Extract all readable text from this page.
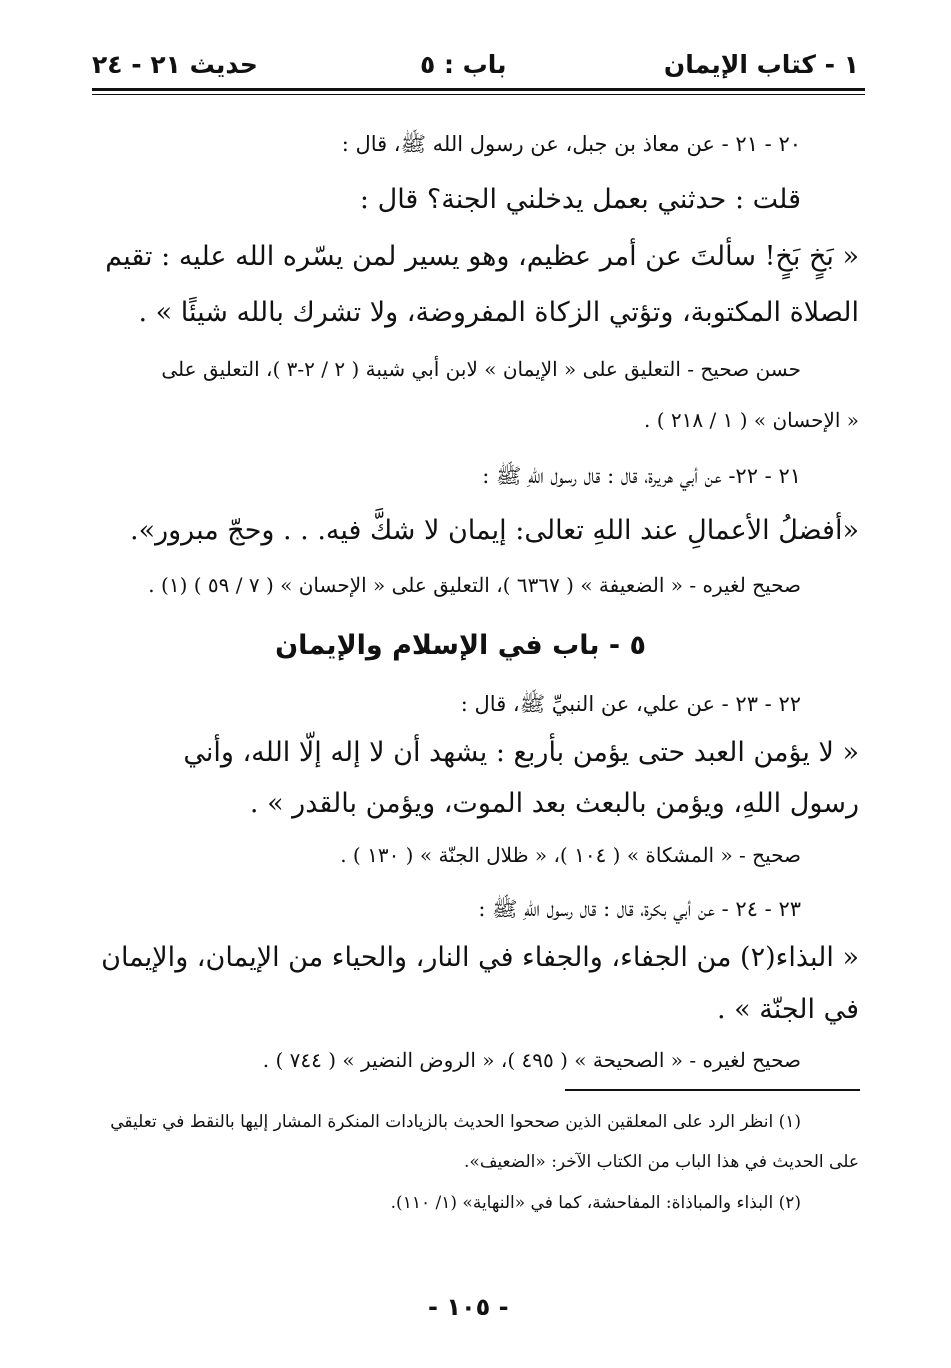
١ - كتاب الإيمان
باب : ٥
حديث ٢١ - ٢٤
٢٠ - ٢١ - عن معاذ بن جبل، عن رسول الله ﷺ، قال :
قلت : حدثني بعمل يدخلني الجنة؟ قال :
« بَخٍ بَخٍ! سألتَ عن أمر عظيم، وهو يسير لمن يسّره الله عليه : تقيم
الصلاة المكتوبة، وتؤتي الزكاة المفروضة، ولا تشرك بالله شيئًا » .
حسن صحيح - التعليق على « الإيمان » لابن أبي شيبة ( ٢ / ٢-٣ )، التعليق على
« الإحسان » ( ١ / ٢١٨ ) .
٢١ - ٢٢- عن أبي هريرة، قال : قال رسول اللهِ ﷺ :
«أفضلُ الأعمالِ عند اللهِ تعالى: إيمان لا شكَّ فيه. . . وحجّ مبرور».
صحيح لغيره - « الضعيفة » ( ٦٣٦٧ )، التعليق على « الإحسان » ( ٧ / ٥٩ ) (١) .
٥ - باب في الإسلام والإيمان
٢٢ - ٢٣ - عن علي، عن النبيِّ ﷺ، قال :
« لا يؤمن العبد حتى يؤمن بأربع : يشهد أن لا إله إلّا الله، وأني
رسول اللهِ، ويؤمن بالبعث بعد الموت، ويؤمن بالقدر » .
صحيح - « المشكاة » ( ١٠٤ )، « ظلال الجنّة » ( ١٣٠ ) .
٢٣ - ٢٤ - عن أبي بكرة، قال : قال رسول اللهِ ﷺ :
« البذاء(٢) من الجفاء، والجفاء في النار، والحياء من الإيمان، والإيمان
في الجنّة » .
صحيح لغيره - « الصحيحة » ( ٤٩٥ )، « الروض النضير » ( ٧٤٤ ) .
(١) انظر الرد على المعلقين الذين صححوا الحديث بالزيادات المنكرة المشار إليها بالنقط في تعليقي
على الحديث في هذا الباب من الكتاب الآخر: «الضعيف».
(٢) البذاء والمباذاة: المفاحشة، كما في «النهاية» (١/ ١١٠).
- ١٠٥ -
